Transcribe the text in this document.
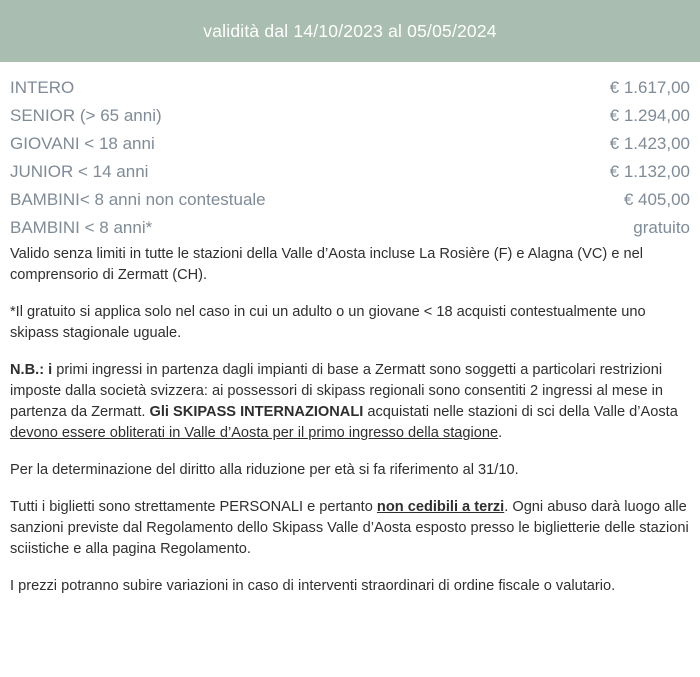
validità dal 14/10/2023 al 05/05/2024
INTERO	€ 1.617,00
SENIOR (> 65 anni)	€ 1.294,00
GIOVANI < 18 anni	€ 1.423,00
JUNIOR < 14 anni	€ 1.132,00
BAMBINI< 8 anni non contestuale	€ 405,00
BAMBINI < 8 anni*	gratuito

Valido senza limiti in tutte le stazioni della Valle d’Aosta incluse La Rosière (F) e Alagna (VC) e nel comprensorio di Zermatt (CH).

*Il gratuito si applica solo nel caso in cui un adulto o un giovane < 18 acquisti contestualmente uno skipass stagionale uguale.

N.B.: i primi ingressi in partenza dagli impianti di base a Zermatt sono soggetti a particolari restrizioni imposte dalla società svizzera: ai possessori di skipass regionali sono consentiti 2 ingressi al mese in partenza da Zermatt. Gli SKIPASS INTERNAZIONALI acquistati nelle stazioni di sci della Valle d’Aosta devono essere obliterati in Valle d’Aosta per il primo ingresso della stagione.

Per la determinazione del diritto alla riduzione per età si fa riferimento al 31/10.

Tutti i biglietti sono strettamente PERSONALI e pertanto non cedibili a terzi. Ogni abuso darà luogo alle sanzioni previste dal Regolamento dello Skipass Valle d’Aosta esposto presso le biglietterie delle stazioni sciistiche e alla pagina Regolamento.

I prezzi potranno subire variazioni in caso di interventi straordinari di ordine fiscale o valutario.
